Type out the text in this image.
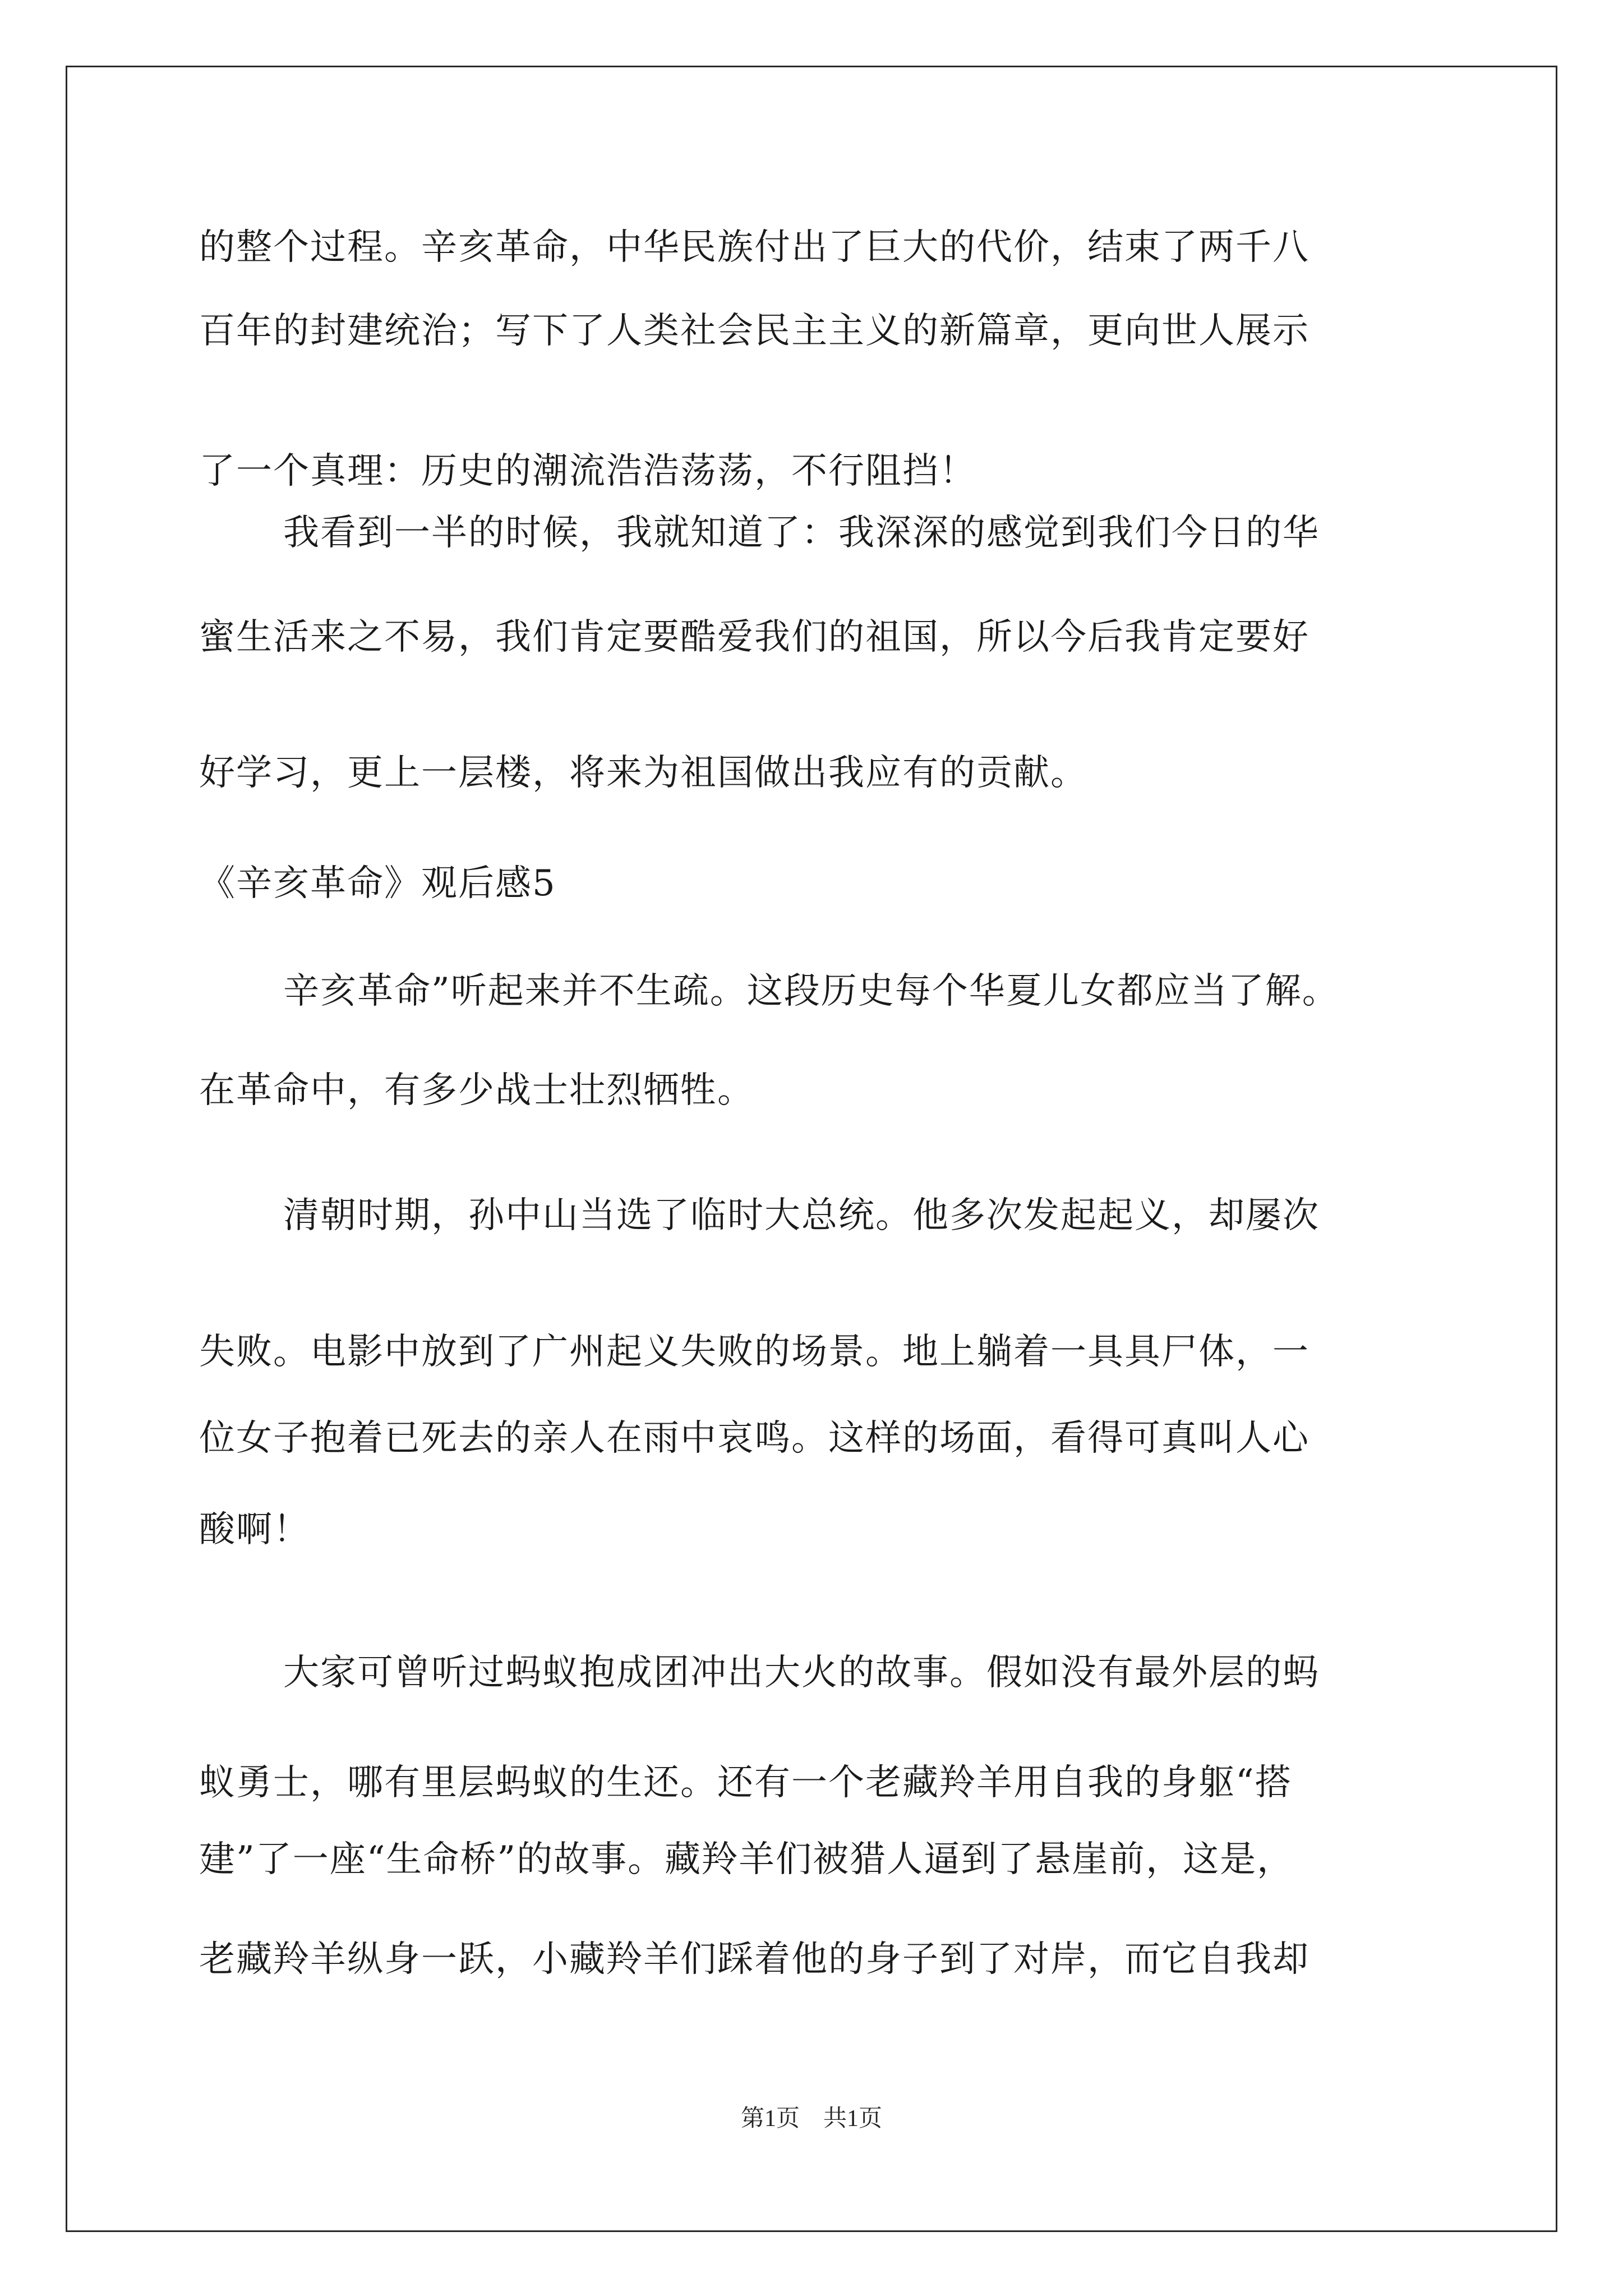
的整个过程。辛亥革命，中华民族付出了巨大的代价，结束了两千八
百年的封建统治；写下了人类社会民主主义的新篇章，更向世人展示
了一个真理：历史的潮流浩浩荡荡，不行阻挡！
我看到一半的时候，我就知道了：我深深的感觉到我们今日的华
蜜生活来之不易，我们肯定要酷爱我们的祖国，所以今后我肯定要好
好学习，更上一层楼，将来为祖国做出我应有的贡献。
《辛亥革命》观后感5
辛亥革命”听起来并不生疏。这段历史每个华夏儿女都应当了解。
在革命中，有多少战士壮烈牺牲。
清朝时期，孙中山当选了临时大总统。他多次发起起义，却屡次
失败。电影中放到了广州起义失败的场景。地上躺着一具具尸体，一
位女子抱着已死去的亲人在雨中哀鸣。这样的场面，看得可真叫人心
酸啊！
大家可曾听过蚂蚁抱成团冲出大火的故事。假如没有最外层的蚂
蚁勇士，哪有里层蚂蚁的生还。还有一个老藏羚羊用自我的身躯“搭
建”了一座“生命桥”的故事。藏羚羊们被猎人逼到了悬崖前，这是，
老藏羚羊纵身一跃，小藏羚羊们踩着他的身子到了对岸，而它自我却
第1页　共1页
